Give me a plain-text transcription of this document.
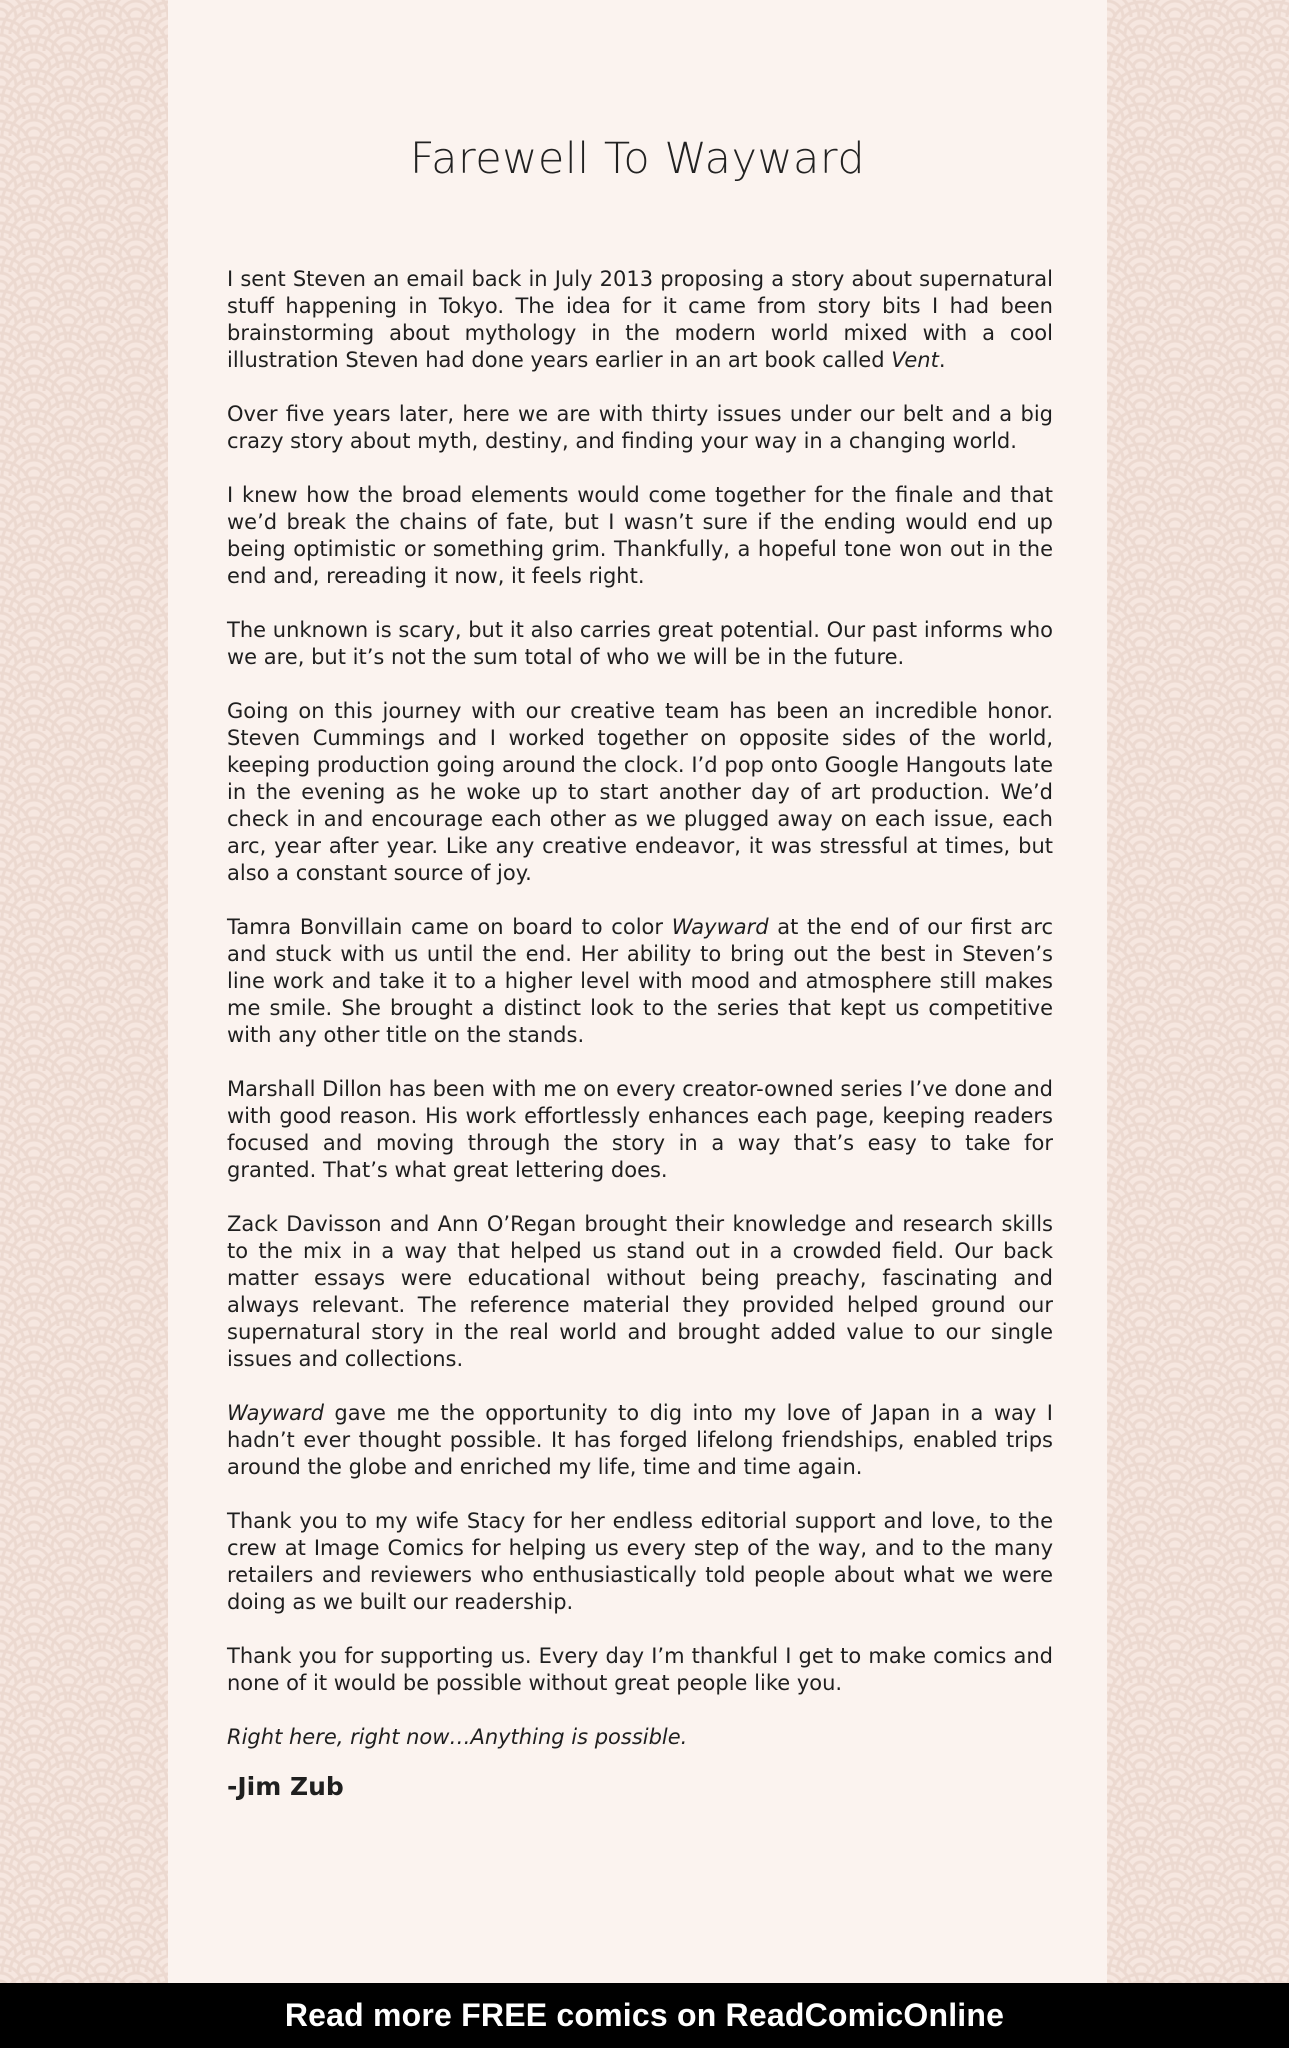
Farewell To Wayward

I sent Steven an email back in July 2013 proposing a story about supernatural stuff happening in Tokyo. The idea for it came from story bits I had been brainstorming about mythology in the modern world mixed with a cool illustration Steven had done years earlier in an art book called Vent.

Over five years later, here we are with thirty issues under our belt and a big crazy story about myth, destiny, and finding your way in a changing world.

I knew how the broad elements would come together for the finale and that we’d break the chains of fate, but I wasn’t sure if the ending would end up being optimistic or something grim. Thankfully, a hopeful tone won out in the end and, rereading it now, it feels right.

The unknown is scary, but it also carries great potential. Our past informs who we are, but it’s not the sum total of who we will be in the future.

Going on this journey with our creative team has been an incredible honor. Steven Cummings and I worked together on opposite sides of the world, keeping production going around the clock. I’d pop onto Google Hangouts late in the evening as he woke up to start another day of art production. We’d check in and encourage each other as we plugged away on each issue, each arc, year after year. Like any creative endeavor, it was stressful at times, but also a constant source of joy.

Tamra Bonvillain came on board to color Wayward at the end of our first arc and stuck with us until the end. Her ability to bring out the best in Steven’s line work and take it to a higher level with mood and atmosphere still makes me smile. She brought a distinct look to the series that kept us competitive with any other title on the stands.

Marshall Dillon has been with me on every creator-owned series I’ve done and with good reason. His work effortlessly enhances each page, keeping readers focused and moving through the story in a way that’s easy to take for granted. That’s what great lettering does.

Zack Davisson and Ann O’Regan brought their knowledge and research skills to the mix in a way that helped us stand out in a crowded field. Our back matter essays were educational without being preachy, fascinating and always relevant. The reference material they provided helped ground our supernatural story in the real world and brought added value to our single issues and collections.

Wayward gave me the opportunity to dig into my love of Japan in a way I hadn’t ever thought possible. It has forged lifelong friendships, enabled trips around the globe and enriched my life, time and time again.

Thank you to my wife Stacy for her endless editorial support and love, to the crew at Image Comics for helping us every step of the way, and to the many retailers and reviewers who enthusiastically told people about what we were doing as we built our readership.

Thank you for supporting us. Every day I’m thankful I get to make comics and none of it would be possible without great people like you.

Right here, right now…Anything is possible.

-Jim Zub

Read more FREE comics on ReadComicOnline
